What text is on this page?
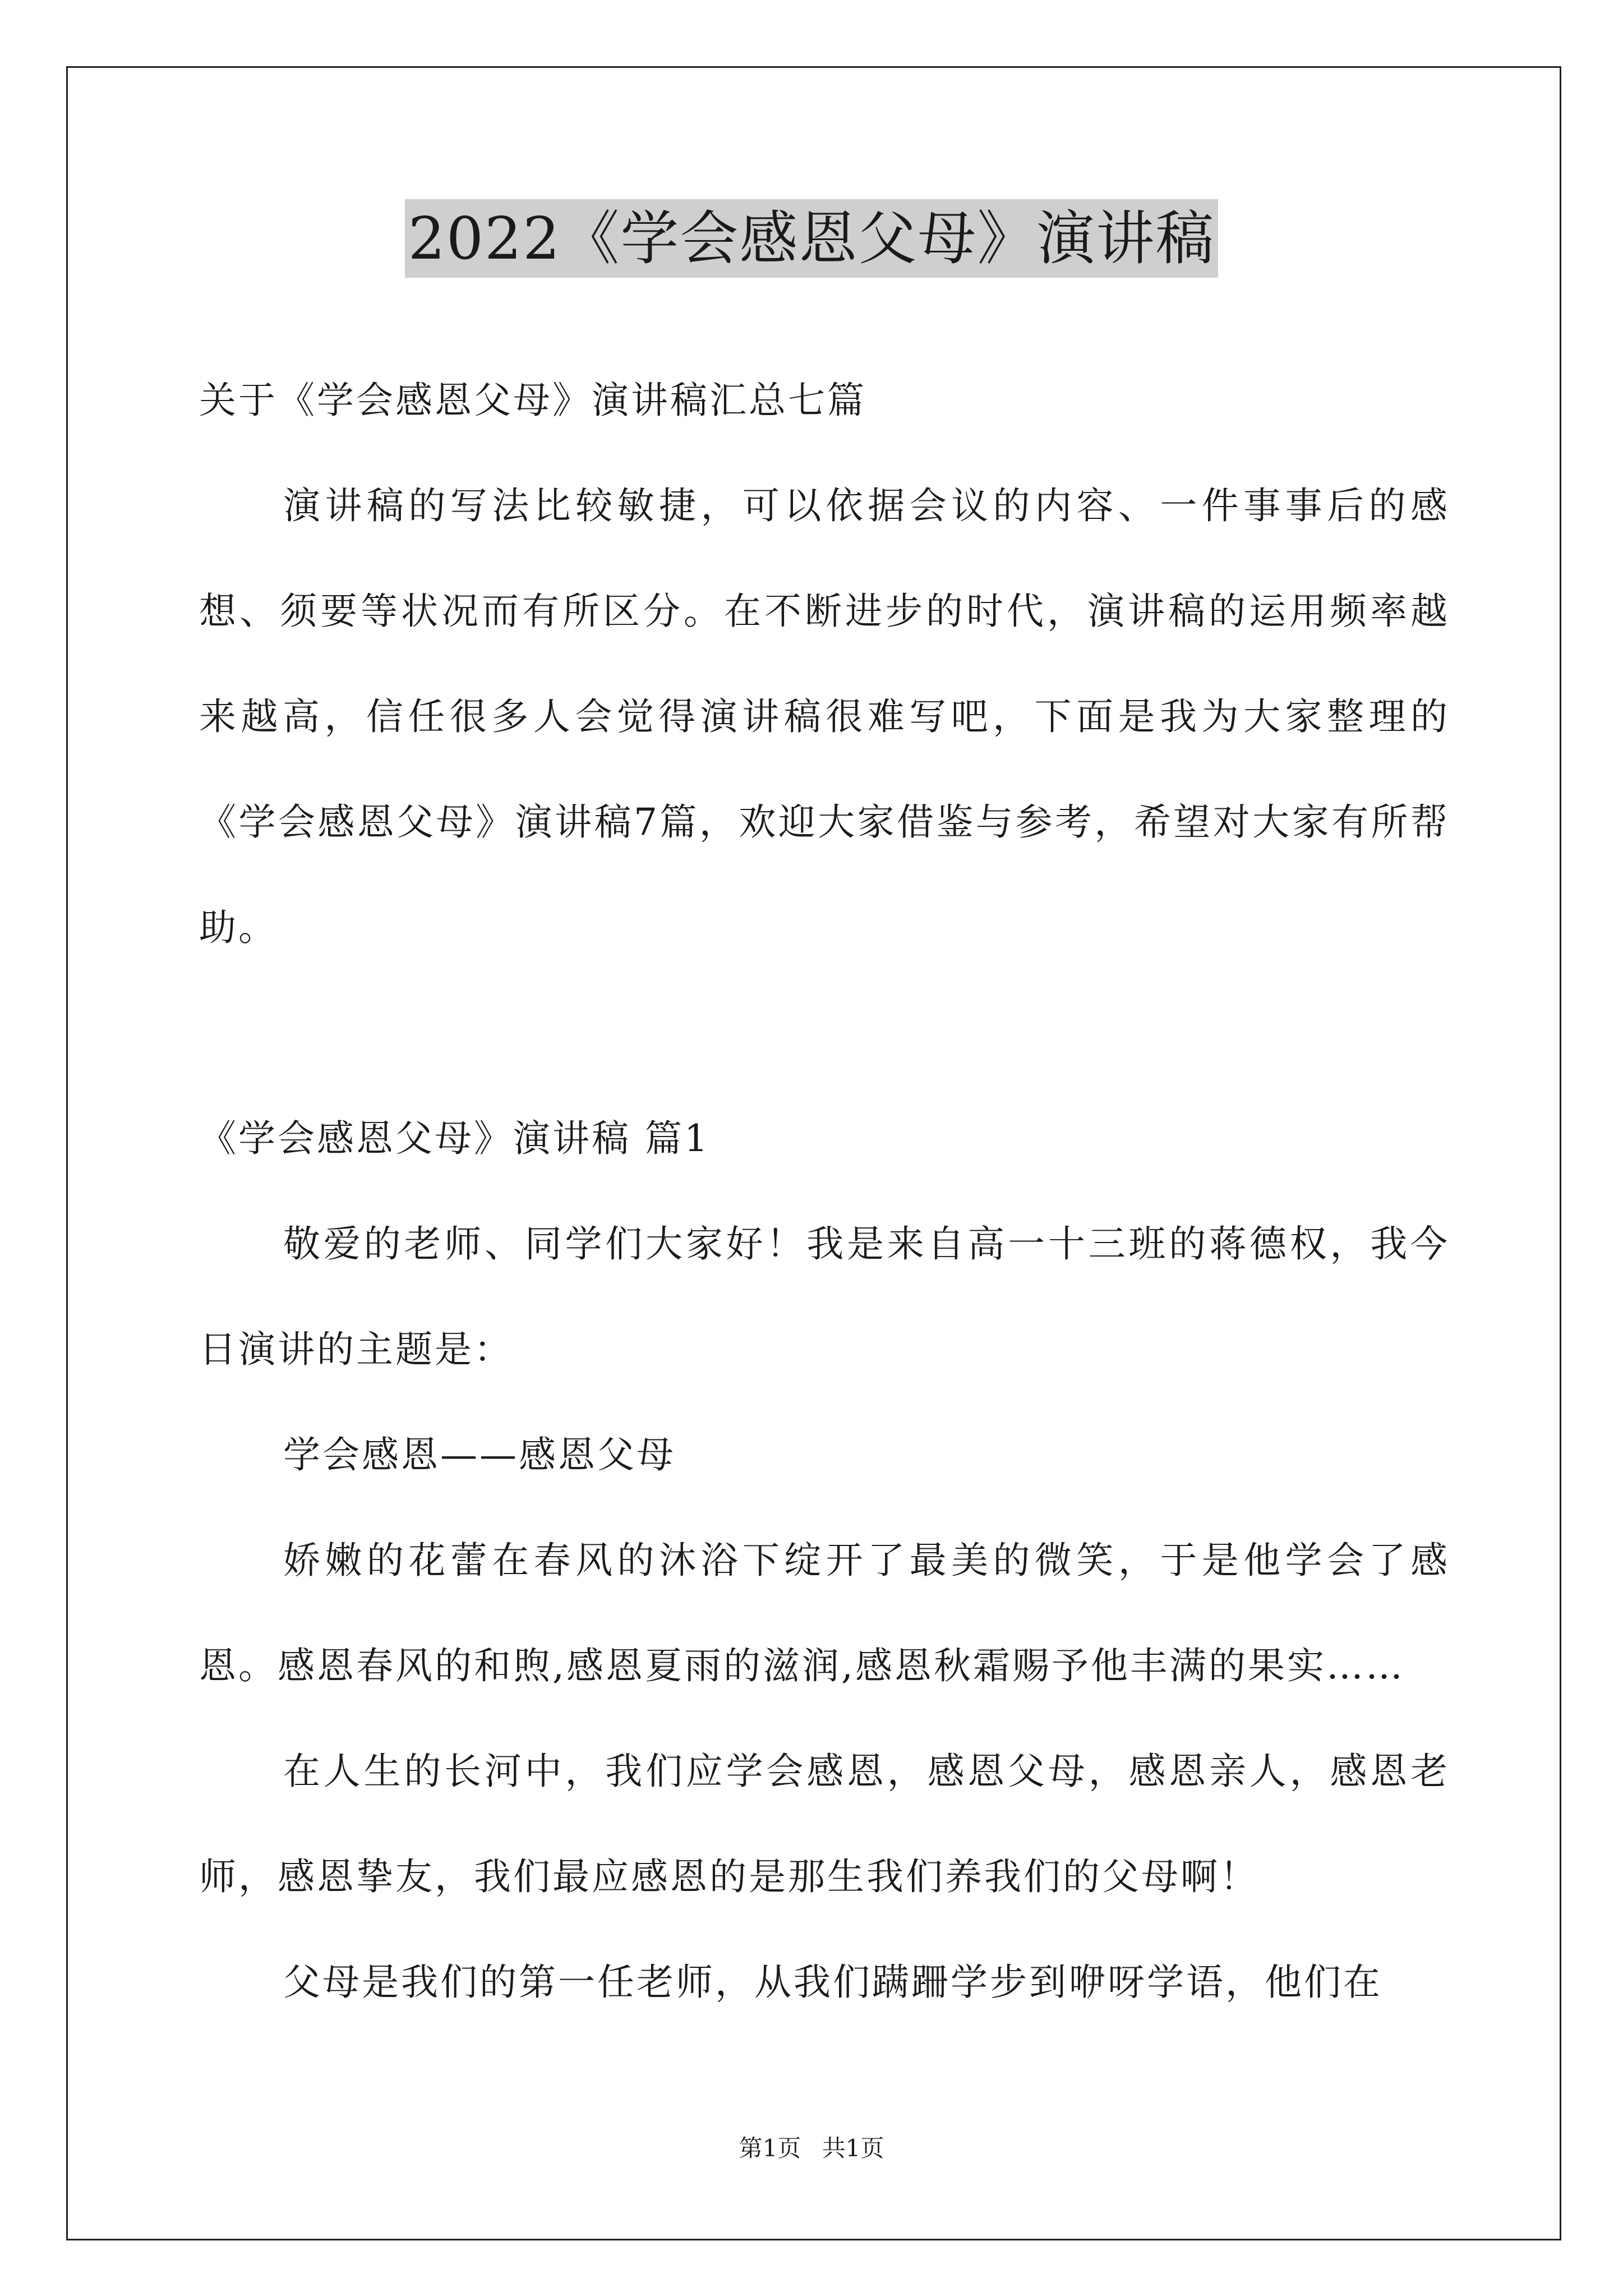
2022《学会感恩父母》演讲稿

关于《学会感恩父母》演讲稿汇总七篇

演讲稿的写法比较敏捷，可以依据会议的内容、一件事事后的感想、须要等状况而有所区分。在不断进步的时代，演讲稿的运用频率越来越高，信任很多人会觉得演讲稿很难写吧，下面是我为大家整理的《学会感恩父母》演讲稿7篇，欢迎大家借鉴与参考，希望对大家有所帮助。

《学会感恩父母》演讲稿 篇1

敬爱的老师、同学们大家好！我是来自高一十三班的蒋德权，我今日演讲的主题是：

学会感恩——感恩父母

娇嫩的花蕾在春风的沐浴下绽开了最美的微笑，于是他学会了感恩。感恩春风的和煦,感恩夏雨的滋润,感恩秋霜赐予他丰满的果实……

在人生的长河中，我们应学会感恩，感恩父母，感恩亲人，感恩老师，感恩挚友，我们最应感恩的是那生我们养我们的父母啊！

父母是我们的第一任老师，从我们蹒跚学步到咿呀学语，他们在

第1页 共1页
